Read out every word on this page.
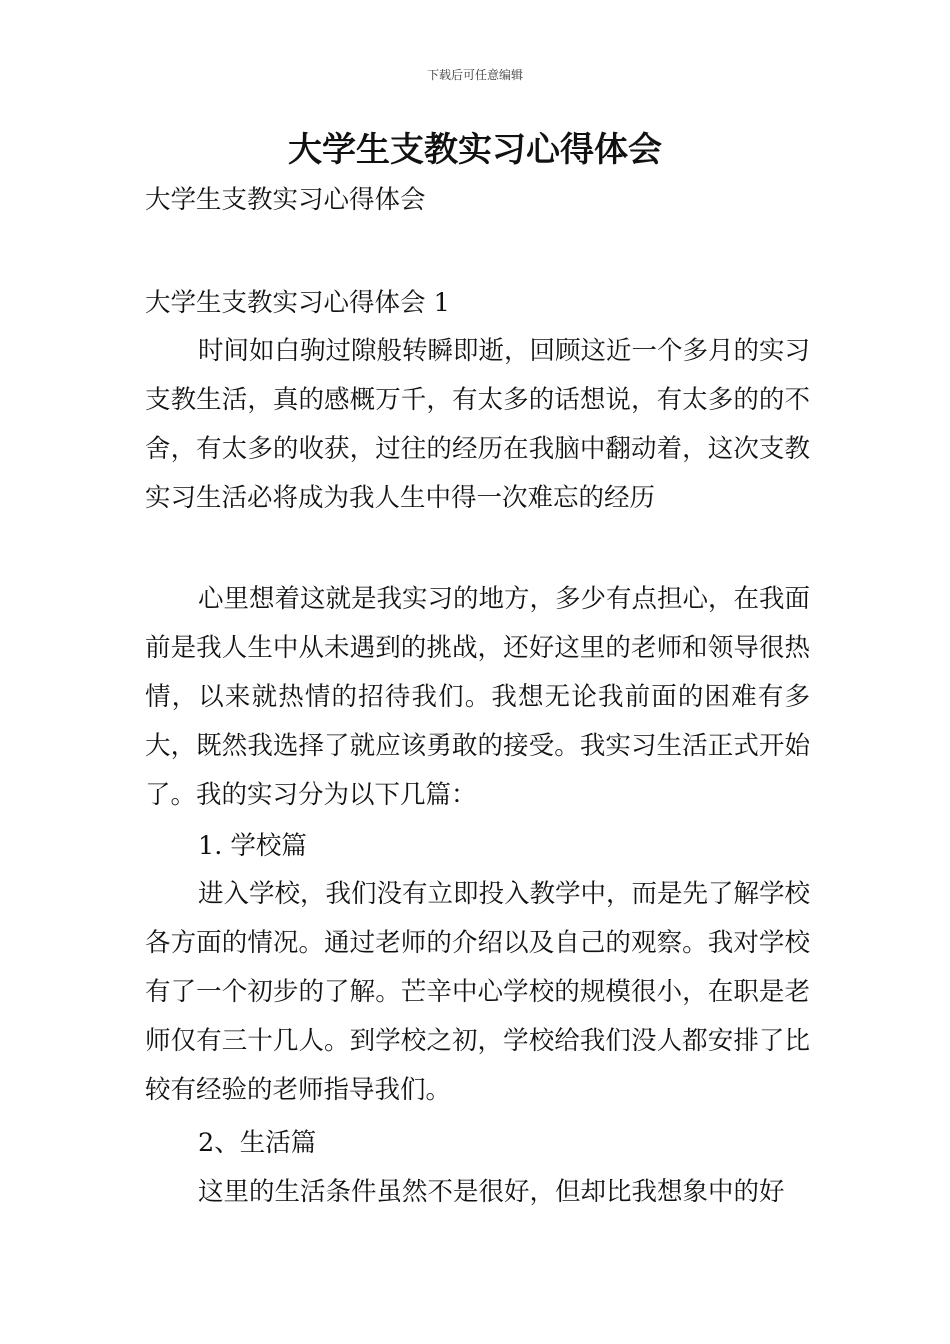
下载后可任意编辑
大学生支教实习心得体会

大学生支教实习心得体会

大学生支教实习心得体会 1

时间如白驹过隙般转瞬即逝，回顾这近一个多月的实习支教生活，真的感概万千，有太多的话想说，有太多的的不舍，有太多的收获，过往的经历在我脑中翻动着，这次支教实习生活必将成为我人生中得一次难忘的经历

心里想着这就是我实习的地方，多少有点担心，在我面前是我人生中从未遇到的挑战，还好这里的老师和领导很热情，以来就热情的招待我们。我想无论我前面的困难有多大，既然我选择了就应该勇敢的接受。我实习生活正式开始了。我的实习分为以下几篇：

1. 学校篇

进入学校，我们没有立即投入教学中，而是先了解学校各方面的情况。通过老师的介绍以及自己的观察。我对学校有了一个初步的了解。芒辛中心学校的规模很小，在职是老师仅有三十几人。到学校之初，学校给我们没人都安排了比较有经验的老师指导我们。

2、生活篇

这里的生活条件虽然不是很好，但却比我想象中的好
